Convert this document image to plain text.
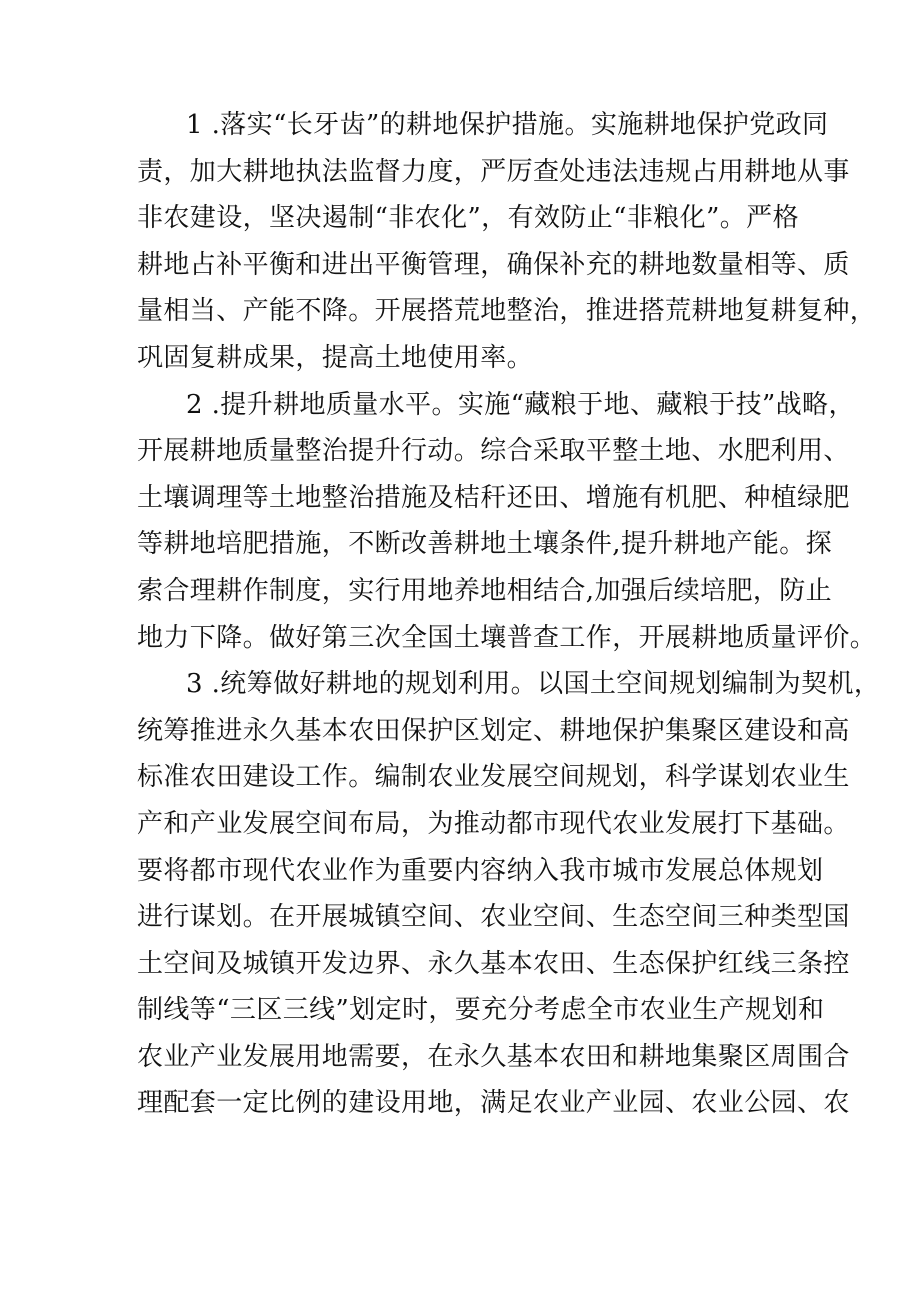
1 .落实“长牙齿”的耕地保护措施。实施耕地保护党政同
责，加大耕地执法监督力度，严厉查处违法违规占用耕地从事
非农建设，坚决遏制“非农化”，有效防止“非粮化”。严格
耕地占补平衡和进出平衡管理，确保补充的耕地数量相等、质
量相当、产能不降。开展搭荒地整治，推进搭荒耕地复耕复种，
巩固复耕成果，提高土地使用率。
2 .提升耕地质量水平。实施“藏粮于地、藏粮于技”战略，
开展耕地质量整治提升行动。综合采取平整土地、水肥利用、
土壤调理等土地整治措施及桔秆还田、增施有机肥、种植绿肥
等耕地培肥措施，不断改善耕地土壤条件,提升耕地产能。探
索合理耕作制度，实行用地养地相结合,加强后续培肥，防止
地力下降。做好第三次全国土壤普查工作，开展耕地质量评价。
3 .统筹做好耕地的规划利用。以国土空间规划编制为契机，
统筹推进永久基本农田保护区划定、耕地保护集聚区建设和高
标准农田建设工作。编制农业发展空间规划，科学谋划农业生
产和产业发展空间布局，为推动都市现代农业发展打下基础。
要将都市现代农业作为重要内容纳入我市城市发展总体规划
进行谋划。在开展城镇空间、农业空间、生态空间三种类型国
土空间及城镇开发边界、永久基本农田、生态保护红线三条控
制线等“三区三线”划定时，要充分考虑全市农业生产规划和
农业产业发展用地需要，在永久基本农田和耕地集聚区周围合
理配套一定比例的建设用地，满足农业产业园、农业公园、农
